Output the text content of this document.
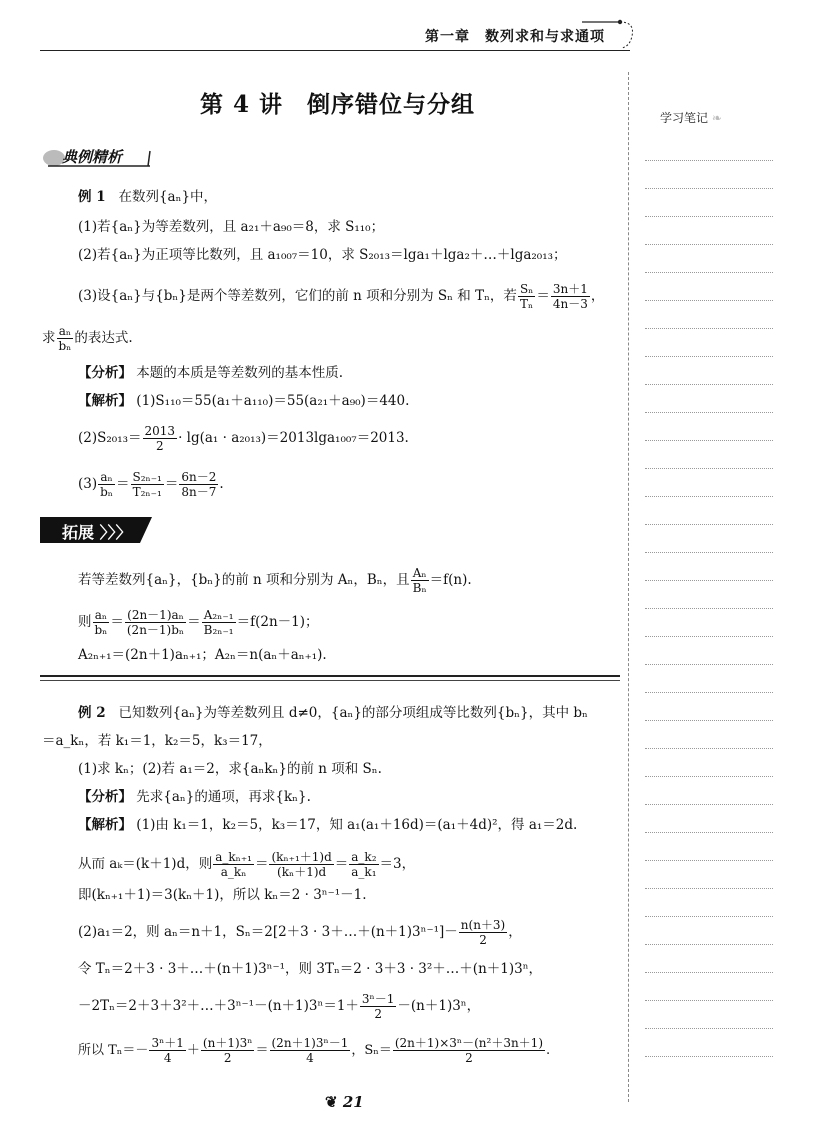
第一章　数列求和与求通项
第 4 讲　倒序错位与分组	学习笔记 ❧
典例精析
例 1 在数列{aₙ}中，
(1)若{aₙ}为等差数列，且 a₂₁＋a₉₀＝8，求 S₁₁₀；
(2)若{aₙ}为正项等比数列，且 a₁₀₀₇＝10，求 S₂₀₁₃＝lga₁＋lga₂＋…＋lga₂₀₁₃；
(3)设{aₙ}与{bₙ}是两个等差数列，它们的前 n 项和分别为 Sₙ 和 Tₙ，若 $\frac{\text{Sₙ}}{\text{Tₙ}} = \frac{3n+1}{4n-3}$ ，
求 $\frac{\text{aₙ}}{\text{bₙ}}$ 的表达式.
【分析】 本题的本质是等差数列的基本性质.
【解析】 (1)S₁₁₀＝55(a₁＋a₁₁₀)＝55(a₂₁＋a₉₀)＝440.
$(2)S_{2013}= \frac{2013}{2} \cdot \lg(a_1 \cdot a_{2013})=2013\lg a_{1007}=2013$.
$(3) \frac{\text{aₙ}}{\text{bₙ}} = \frac{\text{S₂ₙ₋₁}}{\text{T₂ₙ₋₁}} = \frac{6n-2}{8n-7}$ .
拓展 〉〉〉
若等差数列{aₙ}，{bₙ}的前 n 项和分别为 Aₙ，Bₙ，且 $\frac{\text{Aₙ}}{\text{Bₙ}} =f(n)$.
则 $\frac{\text{aₙ}}{\text{bₙ}} = \frac{\text{(2n－1)aₙ}}{\text{(2n－1)bₙ}} = \frac{\text{A₂ₙ₋₁}}{\text{B₂ₙ₋₁}} =f(2n-1)$；
A₂ₙ₊₁＝(2n＋1)aₙ₊₁；A₂ₙ＝n(aₙ＋aₙ₊₁).
例 2 已知数列{aₙ}为等差数列且 d≠0，{aₙ}的部分项组成等比数列{bₙ}，其中 bₙ
＝a_kₙ，若 k₁＝1，k₂＝5，k₃＝17，
(1)求 kₙ；(2)若 a₁＝2，求{aₙkₙ}的前 n 项和 Sₙ.
【分析】 先求{aₙ}的通项，再求{kₙ}.
【解析】 (1)由 k₁＝1，k₂＝5，k₃＝17，知 a₁(a₁＋16d)＝(a₁＋4d)²，得 a₁＝2d.
从而 aₖ＝(k＋1)d，则 $\frac{\text{a\_kₙ₊₁}}{\text{a\_kₙ}} = \frac{\text{(kₙ₊₁＋1)d}}{\text{(kₙ＋1)d}} = \frac{\text{a\_k₂}}{\text{a\_k₁}} =3$，
即(kₙ₊₁＋1)＝3(kₙ＋1)，所以 kₙ＝2 · 3ⁿ⁻¹－1.
(2)a₁＝2，则 aₙ＝n＋1，Sₙ＝2[2＋3 · 3＋…＋(n＋1)3ⁿ⁻¹]－ $\frac{n(n+3)}{2}$ ，
令 Tₙ＝2＋3 · 3＋…＋(n＋1)3ⁿ⁻¹，则 3Tₙ＝2 · 3＋3 · 3²＋…＋(n＋1)3ⁿ，
－2Tₙ＝2＋3＋3²＋…＋3ⁿ⁻¹－(n＋1)3ⁿ＝1＋ $\frac{\text{3ⁿ－1}}{2} -(n+1)3^n$，
所以 $T_n=- \frac{\text{3ⁿ＋1}}{4} + \frac{\text{(n＋1)3ⁿ}}{2} = \frac{\text{(2n＋1)3ⁿ－1}}{4}$ ，$S_n= \frac{\text{(2n＋1)×3ⁿ－(n²＋3n＋1)}}{2}$ .
❦ 21
